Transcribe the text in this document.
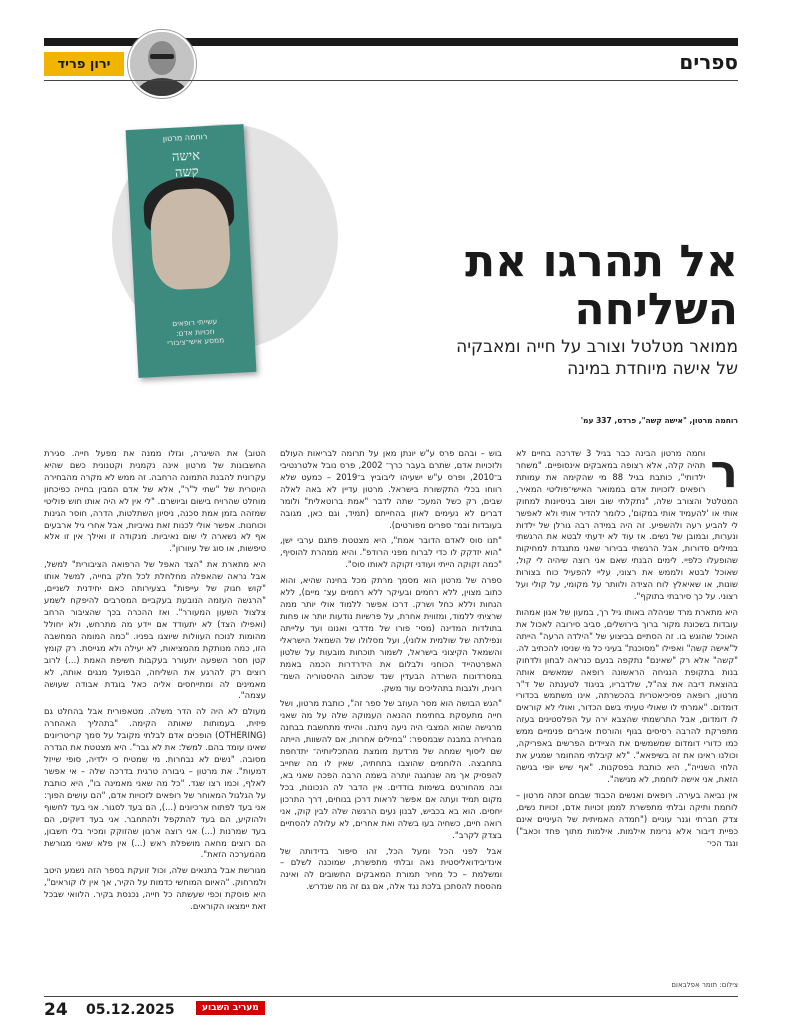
ספרים
ירון פריד
רוחמה מרטון
אישה
קשה
עשייתי רופאים
וזכויות אדם:
ממסע אישי־ציבורי
אל תהרגו את
השליחה
ממואר מטלטל וצורב על חייה ומאבקיה
של אישה מיוחדת במינה
רוחמה מרטון, "אישה קשה", פרדס, 337 עמ'
ר

וחמה מרטון הבינה כבר בגיל 3 שדרכה בחיים לא תהיה קלה, אלא רצופה במאבקים אינסופיים. "משחר ילדותי", כותבת בגיל 88 מי שהקימה את עמותת רופאים לזכויות אדם בממואר האישי־פוליטי המאיר, המטלטל והצורב שלה, "נתקלתי שוב ושוב בניסיונות למחוק אותי או 'להעמיד אותי במקום', כלומר להדיר אותי ולא לאפשר לי להביע רעה ולהשפיע. זה היה במידה רבה גורלן של ילדות ונערות, ובמובן של נשים. אז עוד לא ידעתי לבטא את הרגשתי במילים סדורות, אבל הרגשתי בבירור שאני מתנגדת למחיקות שהופעלו כלפיי. לימים הבנתי שאם אני רוצה שיהיה לי קול, שאוכל לבטא ולממש את רצוני, עליי להפעיל כוח בצורות שונות, או שאיאלץ לוח הצידה ולוותר על מקומי, על קולי ועל רצוני. על כך סירבתי בתוקף".

היא מתארת מרד שניהלה באותו גיל רך, במעון של אגון אמהות עובדות בשכונת מקור ברוך בירושלים, סביב סירובה לאכול את האוכל שהוגש בו. זה הסתיים בביצוע של "הילדה הרעה" הייתה ל"אישה קשה" ואפילו "מסוכנת" בעיני כל מי שניסו להכתיב לה. "קשה" אלא רק "שאינם" נתקפה בנעם כנראה לבחון ולדחוק בנות בתקופת הנגיחה הראשונה רופאה שמאשים אותה בהוצאת דיבה את צה"ל, שלדבריו, בניגוד לטענתה של ד"ר מרטון, רופאה פסיכיאטרית בהכשרתה, אינו משתמש בכדורי דומדום. "אמרתי לו שאולי טעיתי בשם הכדור, ואולי לא קוראים לו דומדום, אבל התרשמתי שהצבא ירה על הפלסטינים בעזה מתפרקת להרבה רסיסים בגוף והורסת איברים פנימיים ממש כמו כדורי דומדום שמשמשים את הציידים הפרשים באפריקה, וכולנו ראינו את זה בשיפאא". "לא קיבלתי מהחומר שמגיע את הלחי השנייה", היא כותבת בפסקנות. "אף שיש יופי בגישה הזאת, אני אישה לוחמת, לא מגישה".

אין נביאה בעירה. רופאים ואנשים הכבוד שבחם זכתה מרטון – לוחמת ותיקה ובלתי מתפשרת לממן זכויות אדם, זכויות נשים, צדק חברתי וגנר עוניים ("חמדה האמיתית של העיניים אינם כפיית דיבור אלא גרימת אילמות. אילמות מתוך פחד וכאב") ונגד הכי־

בוש – ובהם פרס ע"ש יונתן מאן על תרומה לבריאות העולם ולזכויות אדם, שתרם בעבר כרך־ 2002, פרס נובל אלטרנטיבי ב־2010, ופרס ע"ש ישעיהו ליבוביץ ב־2019 – כמעט שלא רווחו בכלי התקשורת בישראל. מרטון עדיין לא באה לאלה שבים, רק כשל המעכ־ שתה לדבר "אמת ברוטאלית" ולומר דברים לא נעימים לאוזן בהחייתם (תמיד, וגם כאן, מגובה בעובדות ובמ־ ספרים מפורטים).

"תנו סוס לאדם הדובר אמת", היא מצטטת פתגם ערבי ישן, "הוא יזדקק לו כדי לברוח מפני הרודפ". והיא ממהרת להוסיף, "כמה זקוקה הייתי ועודני זקוקה לאותו סוס".

ספרה של מרטון הוא מסמך מרתק מכל בחינה שהיא, והוא כתוב מצוין, ללא רחמים ובעיקר ללא רחמים עצ־ מיים), ללא הנחות וללא כחל ושרק. דרכו אפשר ללמוד אולי יותר ממה שרציתי ללמוד, ומזווית אחרת, על פרשיות נודעות יותר או פחות בתולדות המדינה (מסי־ פורו של מדדבי ואנונו ועד עלייתה ונפילתה של שולמית אלוני), ועל מסלולו של השמאל הישראלי והשמאל הקיצוני בישראל, לשמור תוכחות מובעות על שלטון האפרטהייד הכוחני ולבלום את הידרדרות הכמה באמת במסרדונות השרדה הבעדין שנד שכתוב ההיסטוריה השמ־ רונית, ולגבות בתהליכים עוד משק.

"הגש הבושה הוא מסר העוזב של ספר זה", כותבת מרטון, ושל חייה מתעסקת בחתימת ההנאה העמוקה שלה על מה שאני מרגישה שהוא המצבי היה ניעה ניתנה. והייתי מתחשבת בבחנה מבחירה במבנה שבמספר: "במילים אחרות, אם להשוות, הייתה שם ליסוף שמחה של מרדעת מומצת מהתכליותיה־ יתדחפת בתחבצה. הלוחמים שהוצבו בתחתיה, שאין לו מה שחייב להפסיק אך מה שנחגגה יותרה בשמה הרבה הפכה שאני בא, ובה מהחורגים בשימות בודדים. אין הדבר לה הנכונות, בכל מקום תמיד ועתה אם אפשר לראות דרכן בנוחים, דרך התרכון יחסים. הוא בא בכביש, לבנון נעים הרגשה שלה לבין קוק, אני רואה חיים, כשחיה בעו בשלה ואת אחרים, לא עלולה להסתיים בצדק לקרב".

אבל לפני הכל ומעל הכל, זהו סיפור בדידותה של אינדיבידואליסטית נאה ובלתי מתפשרת, שמוכנה לשלם – ומשלמת – כל מחיר תמורת המאבקים החשובים לה ואינה מהססת להסתכן בלכת נגד אלה, אם גם זה מה שנדרש.

הטוב) את השיגרה, וגזלו ממנה את מפעל חייה. סגירת החשבונות של מרטון אינה נקמנית וקטנונית כשם שהיא עקרונית להבנת התמונה הרחבה. זה ממש לא מקרה מהבחירה היוטרית של "שתי ל"ר", אלא של אדם המבין בחייה כפיכחון מוחלט שהרויח בישום וביושרם. "לי אין לא היה אותו חוש פוליטי שמזהה בזמן אמת סכנה, ניסיון השתלטות, הדרה, חוסר הגינות וכוחנות. אפשר אולי לכנות זאת נאיביות, אבל אחרי גיל ארבעים אף לא נשארה לי שום נאיביות. מנקודה זו ואילך אין זו אלא טיפשות, או סוג של עיוורון".

היא מתארת את "הצד האפל של הרפואה הציבורית" למשל, אבל נראה שהאפלה מחלחלת לכל חלק בחייה, למשל אותו "קוש חגוק של עייפות" בצעירותה כאם יחידנית לשניים, "הרגשה העזמה הנובעת בעקביים המסרבים להיפקח לשמע צלצול השעון המעורר". ואז ההכרה בכך שהציבור הרחב (ואפילו הצד) לא יתעודד אם יידע מה מתרחש, ולא יחולל מהומות לנוכח העוולות שיוצגו בפניו. "כמה המומה המחשבה הזו, כמה מנותקת מהמציאות, לא יעילה ולא מגייסת. רק קומץ קטן חסר השפעה יתעורר בעקבות חשיפת האמת (...) לרוב רוצים רק להרגע את השליחה, הבפועל מנגים אותה, לא מאמינים לה ומתייחסים אליה כאל בוגדת אבודה שעושה עצמה".

מעולם לא היה לה הדר משלה. מטאפורית אבל בהחלט גם פיזית, בעמותות שאותה הקימה. "בתהליך האהחרה (OTHERING) הופכים אדם לבלתי מקובל על סמך קריטריונים שאינו עומד בהם. למשל: את לא גבר". היא מצטטת את הגדרה מסובה. "נשים לא נבחרות. מי שמטיח כי ילדיה, סופי שייזל דמעות". את מרטון – גיבורה טרגית בדרכה שלה – אי אפשר לאלף, וכמו רצו שגד. "כל מה שאני מאמינה בו", היא כותבת על הגלגול המאוחר של רופאים לזכויות אדם, "הם עושים הפוך: אני בעד לפתוח ארכיונים (...), הם בעד לסגור. אני בעד לחשוף ולהוקיע, הם בעד להתקפל ולהתחבר. אני בעד דיוקים, הם בעד שמרנות (...) אני רוצה ארגון שהזוקק ומכיר בלי חשבון, הם רוצים מחאה מושפלת ראש (...) אין פלא שאני מגורשת מהמערכה הזאת".

מגורשת אבל בתנאים שלה, וכול זועקת בספר הזה נשמע היטב ולמרחוק. "האיום המוחשי כדמות על הקיר, אך אין לו קוראים", היא פוסקת וכפי שעשתה כל חייה, נכנסת בקיר. הלוואי שבכל זאת יימצאו הקוראים.

צילום: תומר אפלבאום
24 05.12.2025	מעריב השבוע
